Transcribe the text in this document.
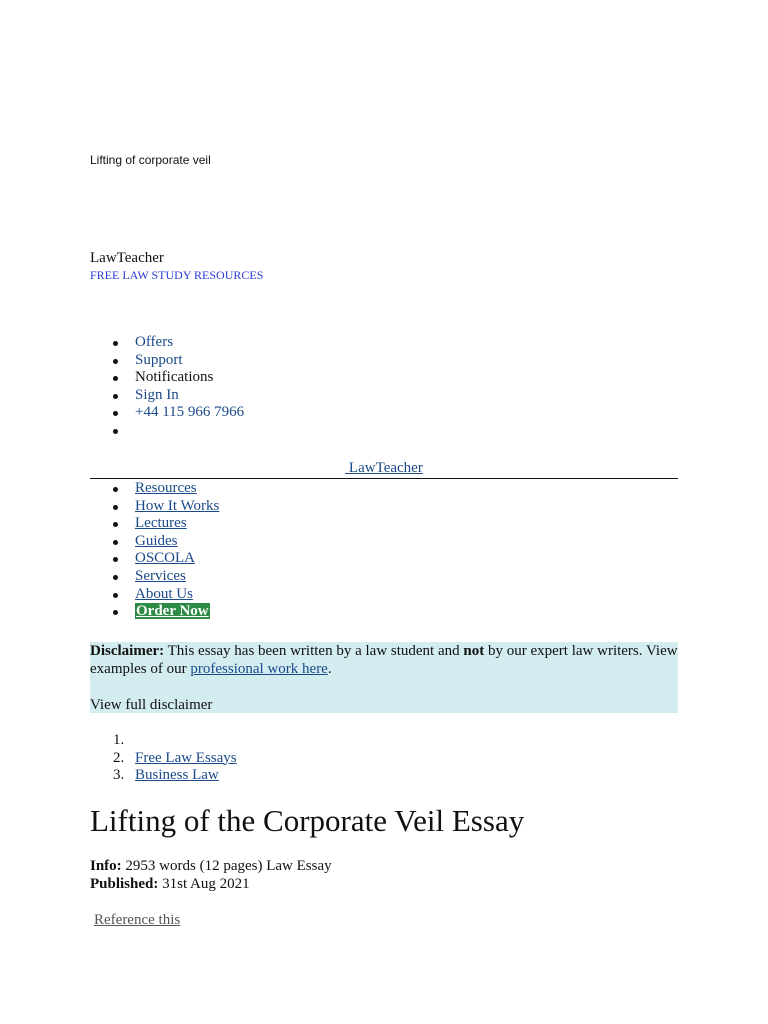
Lifting of corporate veil
LawTeacher
FREE LAW STUDY RESOURCES
Offers
Support
Notifications
Sign In
+44 115 966 7966
LawTeacher
Resources
How It Works
Lectures
Guides
OSCOLA
Services
About Us
Order Now

Disclaimer: This essay has been written by a law student and not by our expert law writers. View examples of our professional work here.

View full disclaimer

1.
2. Free Law Essays
3. Business Law
Lifting of the Corporate Veil Essay
Info: 2953 words (12 pages) Law Essay
Published: 31st Aug 2021
Reference this
